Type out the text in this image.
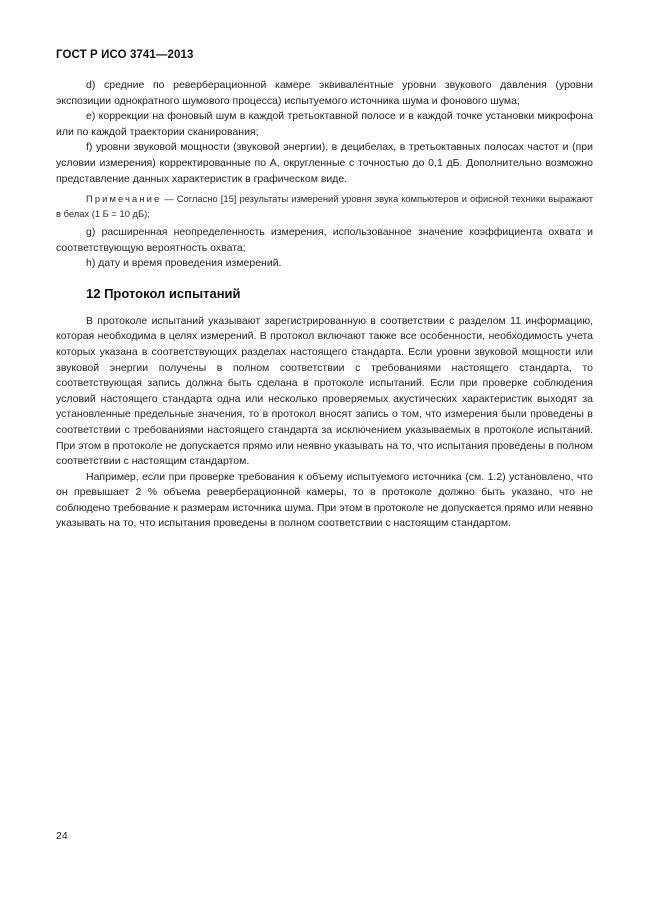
ГОСТ Р ИСО 3741—2013

d) средние по реверберационной камере эквивалентные уровни звукового давления (уровни экспозиции однократного шумового процесса) испытуемого источника шума и фонового шума;

е) коррекции на фоновый шум в каждой третьоктавной полосе и в каждой точке установки микрофона или по каждой траектории сканирования;

f) уровни звуковой мощности (звуковой энергии), в децибелах, в третьоктавных полосах частот и (при условии измерения) корректированные по А, округленные с точностью до 0,1 дБ. Дополнительно возможно представление данных характеристик в графическом виде.

Примечание — Согласно [15] результаты измерений уровня звука компьютеров и офисной техники выражают в белах (1 Б = 10 дБ);

g) расширенная неопределенность измерения, использованное значение коэффициента охвата и соответствующую вероятность охвата;

h) дату и время проведения измерений.

12 Протокол испытаний

В протоколе испытаний указывают зарегистрированную в соответствии с разделом 11 информацию, которая необходима в целях измерений. В протокол включают также все особенности, необходимость учета которых указана в соответствующих разделах настоящего стандарта. Если уровни звуковой мощности или звуковой энергии получены в полном соответствии с требованиями настоящего стандарта, то соответствующая запись должна быть сделана в протоколе испытаний. Если при проверке соблюдения условий настоящего стандарта одна или несколько проверяемых акустических характеристик выходят за установленные предельные значения, то в протокол вносят запись о том, что измерения были проведены в соответствии с требованиями настоящего стандарта за исключением указываемых в протоколе испытаний. При этом в протоколе не допускается прямо или неявно указывать на то, что испытания проведены в полном соответствии с настоящим стандартом.

Например, если при проверке требования к объему испытуемого источника (см. 1.2) установлено, что он превышает 2 % объема реверберационной камеры, то в протоколе должно быть указано, что не соблюдено требование к размерам источника шума. При этом в протоколе не допускается прямо или неявно указывать на то, что испытания проведены в полном соответствии с настоящим стандартом.

24
